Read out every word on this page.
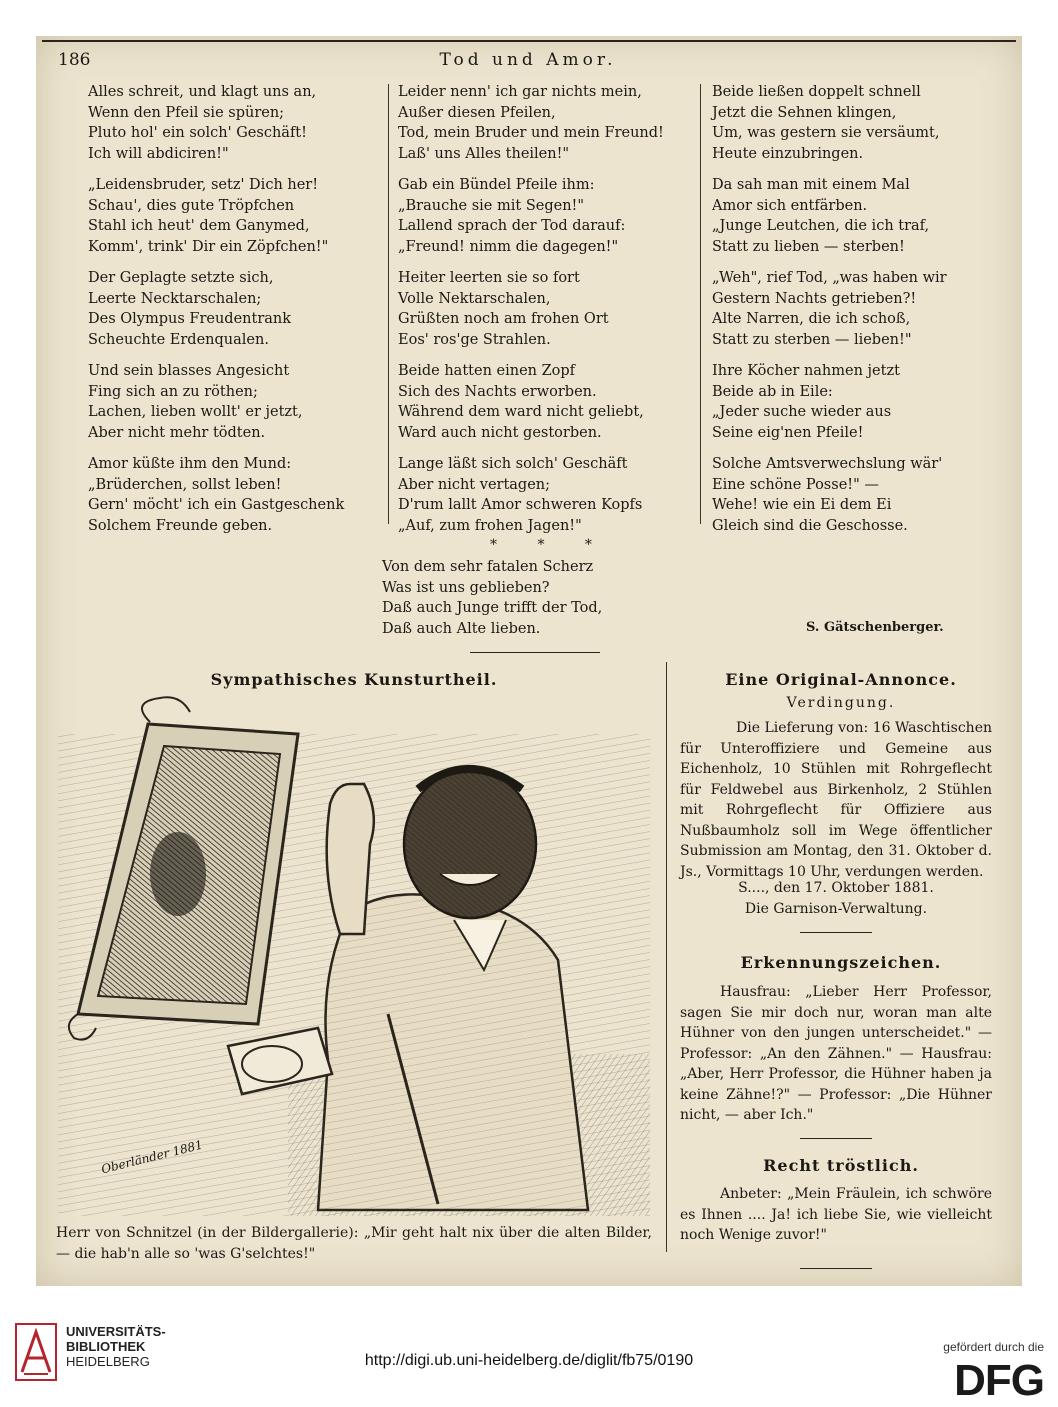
186	Tod und Amor.
Alles schreit, und klagt uns an,
Wenn den Pfeil sie spüren;
Pluto hol' ein solch' Geschäft!
Ich will abdiciren!"
„Leidensbruder, setz' Dich her!
Schau', dies gute Tröpfchen
Stahl ich heut' dem Ganymed,
Komm', trink' Dir ein Zöpfchen!"
Der Geplagte setzte sich,
Leerte Necktarschalen;
Des Olympus Freudentrank
Scheuchte Erdenqualen.
Und sein blasses Angesicht
Fing sich an zu röthen;
Lachen, lieben wollt' er jetzt,
Aber nicht mehr tödten.
Amor küßte ihm den Mund:
„Brüderchen, sollst leben!
Gern' möcht' ich ein Gastgeschenk
Solchem Freunde geben.
Leider nenn' ich gar nichts mein,
Außer diesen Pfeilen,
Tod, mein Bruder und mein Freund!
Laß' uns Alles theilen!"
Gab ein Bündel Pfeile ihm:
„Brauche sie mit Segen!"
Lallend sprach der Tod darauf:
„Freund! nimm die dagegen!"
Heiter leerten sie so fort
Volle Nektarschalen,
Grüßten noch am frohen Ort
Eos' ros'ge Strahlen.
Beide hatten einen Zopf
Sich des Nachts erworben.
Während dem ward nicht geliebt,
Ward auch nicht gestorben.
Lange läßt sich solch' Geschäft
Aber nicht vertagen;
D'rum lallt Amor schweren Kopfs
„Auf, zum frohen Jagen!"
Beide ließen doppelt schnell
Jetzt die Sehnen klingen,
Um, was gestern sie versäumt,
Heute einzubringen.
Da sah man mit einem Mal
Amor sich entfärben.
„Junge Leutchen, die ich traf,
Statt zu lieben — sterben!
„Weh", rief Tod, „was haben wir
Gestern Nachts getrieben?!
Alte Narren, die ich schoß,
Statt zu sterben — lieben!"
Ihre Köcher nahmen jetzt
Beide ab in Eile:
„Jeder suche wieder aus
Seine eig'nen Pfeile!
Solche Amtsverwechslung wär'
Eine schöne Posse!" —
Wehe! wie ein Ei dem Ei
Gleich sind die Geschosse.
* * *
Von dem sehr fatalen Scherz
Was ist uns geblieben?
Daß auch Junge trifft der Tod,
Daß auch Alte lieben.	S. Gätschenberger.
Sympathisches Kunsturtheil.
Oberländer 1881
Herr von Schnitzel (in der Bildergallerie): „Mir geht halt nix über die alten Bilder, — die hab'n alle so 'was G'selchtes!"
Eine Original-Annonce.
Verdingung.
Die Lieferung von: 16 Waschtischen für Unteroffiziere und Gemeine aus Eichenholz, 10 Stühlen mit Rohrgeflecht für Feldwebel aus Birkenholz, 2 Stühlen mit Rohrgeflecht für Offiziere aus Nußbaumholz soll im Wege öffentlicher Submission am Montag, den 31. Oktober d. Js., Vormittags 10 Uhr, verdungen werden.
S...., den 17. Oktober 1881.
Die Garnison-Verwaltung.
Erkennungszeichen.
Hausfrau: „Lieber Herr Professor, sagen Sie mir doch nur, woran man alte Hühner von den jungen unterscheidet." — Professor: „An den Zähnen." — Hausfrau: „Aber, Herr Professor, die Hühner haben ja keine Zähne!?" — Professor: „Die Hühner nicht, — aber Ich."
Recht tröstlich.
Anbeter: „Mein Fräulein, ich schwöre es Ihnen .... Ja! ich liebe Sie, wie vielleicht noch Wenige zuvor!"
UNIVERSITÄTS-
BIBLIOTHEK
HEIDELBERG	http://digi.ub.uni-heidelberg.de/diglit/fb75/0190
gefördert durch die
DFG
